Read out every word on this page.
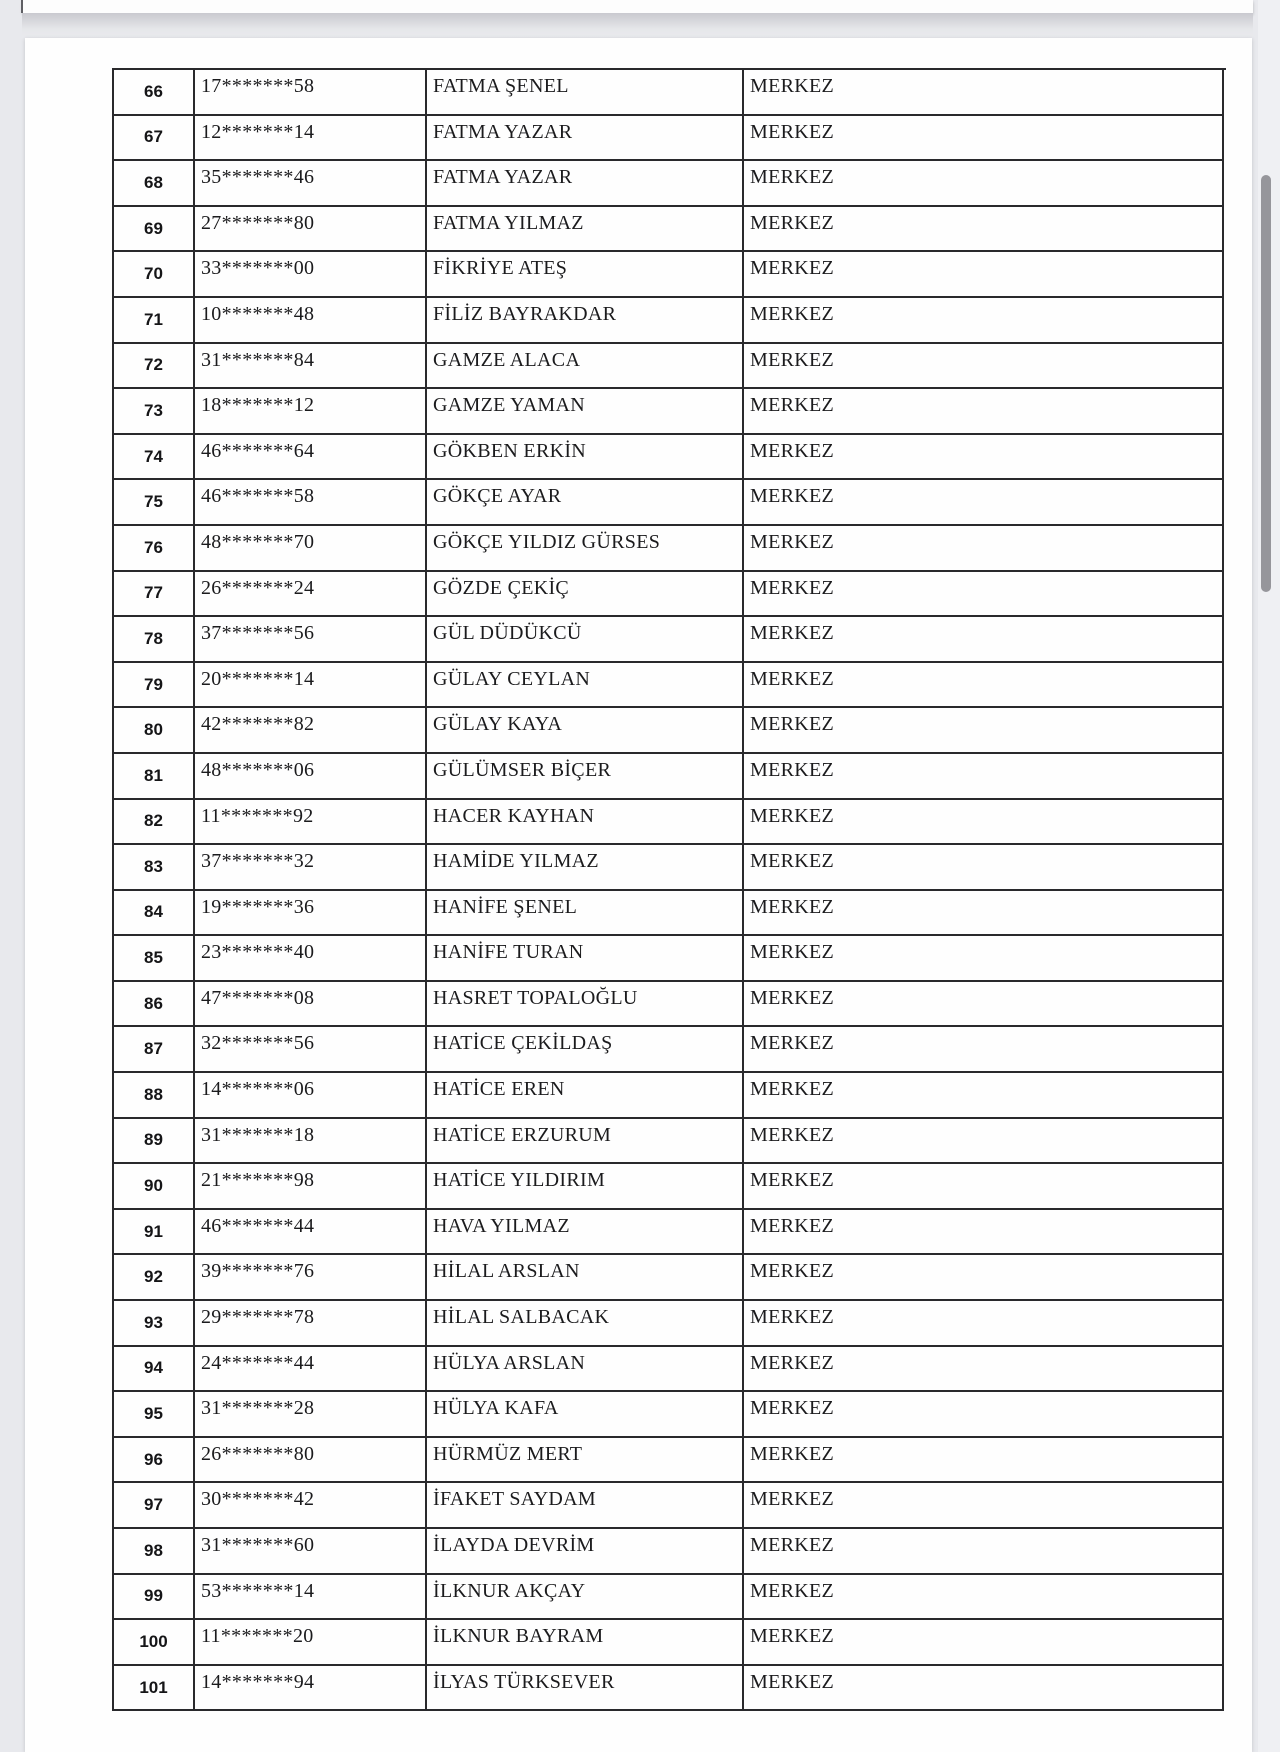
66	17*******58	FATMA ŞENEL	MERKEZ
67	12*******14	FATMA YAZAR	MERKEZ
68	35*******46	FATMA YAZAR	MERKEZ
69	27*******80	FATMA YILMAZ	MERKEZ
70	33*******00	FİKRİYE ATEŞ	MERKEZ
71	10*******48	FİLİZ BAYRAKDAR	MERKEZ
72	31*******84	GAMZE ALACA	MERKEZ
73	18*******12	GAMZE YAMAN	MERKEZ
74	46*******64	GÖKBEN ERKİN	MERKEZ
75	46*******58	GÖKÇE AYAR	MERKEZ
76	48*******70	GÖKÇE YILDIZ GÜRSES	MERKEZ
77	26*******24	GÖZDE ÇEKİÇ	MERKEZ
78	37*******56	GÜL DÜDÜKCÜ	MERKEZ
79	20*******14	GÜLAY CEYLAN	MERKEZ
80	42*******82	GÜLAY KAYA	MERKEZ
81	48*******06	GÜLÜMSER BİÇER	MERKEZ
82	11*******92	HACER KAYHAN	MERKEZ
83	37*******32	HAMİDE YILMAZ	MERKEZ
84	19*******36	HANİFE ŞENEL	MERKEZ
85	23*******40	HANİFE TURAN	MERKEZ
86	47*******08	HASRET TOPALOĞLU	MERKEZ
87	32*******56	HATİCE ÇEKİLDAŞ	MERKEZ
88	14*******06	HATİCE EREN	MERKEZ
89	31*******18	HATİCE ERZURUM	MERKEZ
90	21*******98	HATİCE YILDIRIM	MERKEZ
91	46*******44	HAVA YILMAZ	MERKEZ
92	39*******76	HİLAL ARSLAN	MERKEZ
93	29*******78	HİLAL SALBACAK	MERKEZ
94	24*******44	HÜLYA ARSLAN	MERKEZ
95	31*******28	HÜLYA KAFA	MERKEZ
96	26*******80	HÜRMÜZ MERT	MERKEZ
97	30*******42	İFAKET SAYDAM	MERKEZ
98	31*******60	İLAYDA DEVRİM	MERKEZ
99	53*******14	İLKNUR AKÇAY	MERKEZ
100	11*******20	İLKNUR BAYRAM	MERKEZ
101	14*******94	İLYAS TÜRKSEVER	MERKEZ
